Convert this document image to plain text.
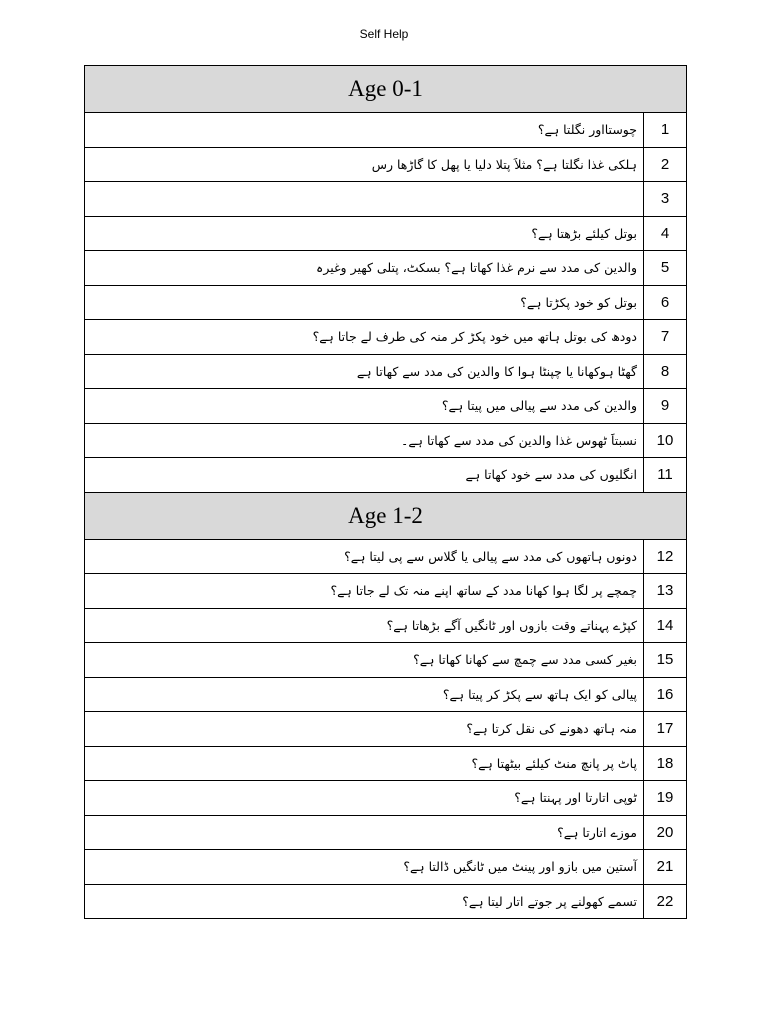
Self Help
Age 0-1	
چوستااور نگلتا ہے؟	1
ہلکی غذا نگلتا ہے؟ مثلاََ پتلا دلیا یا پھل کا گاڑھا رس	2
	3
بوتل کیلئے بڑھتا ہے؟	4
والدین کی مدد سے نرم غذا کھاتا ہے؟ بسکٹ، پتلی کھیر وغیرہ	5
بوتل کو خود پکڑتا ہے؟	6
دودھ کی بوتل ہاتھ میں خود پکڑ کر منہ کی طرف لے جاتا ہے؟	7
گھٹا ہوکھانا یا چپنٹا ہوا کا والدین کی مدد سے کھاتا ہے	8
والدین کی مدد سے پیالی میں پیتا ہے؟	9
نسبتاََ ٹھوس غذا والدین کی مدد سے کھاتا ہے۔	10
انگلیوں کی مدد سے خود کھاتا ہے	11
Age 1-2	
دونوں ہاتھوں کی مدد سے پیالی یا گلاس سے پی لیتا ہے؟	12
چمچے پر لگا ہوا کھانا مدد کے ساتھ اپنے منہ تک لے جاتا ہے؟	13
کپڑے پہناتے وقت بازوں اور ٹانگیں آگے بڑھاتا ہے؟	14
بغیر کسی مدد سے چمچ سے کھانا کھاتا ہے؟	15
پیالی کو ایک ہاتھ سے پکڑ کر پیتا ہے؟	16
منہ ہاتھ دھونے کی نقل کرتا ہے؟	17
پاٹ پر پانچ منٹ کیلئے بیٹھتا ہے؟	18
ٹوپی اتارتا اور پہنتا ہے؟	19
موزے اتارتا ہے؟	20
آستین میں بازو اور پینٹ میں ٹانگیں ڈالتا ہے؟	21
تسمے کھولنے پر جوتے اتار لیتا ہے؟	22
